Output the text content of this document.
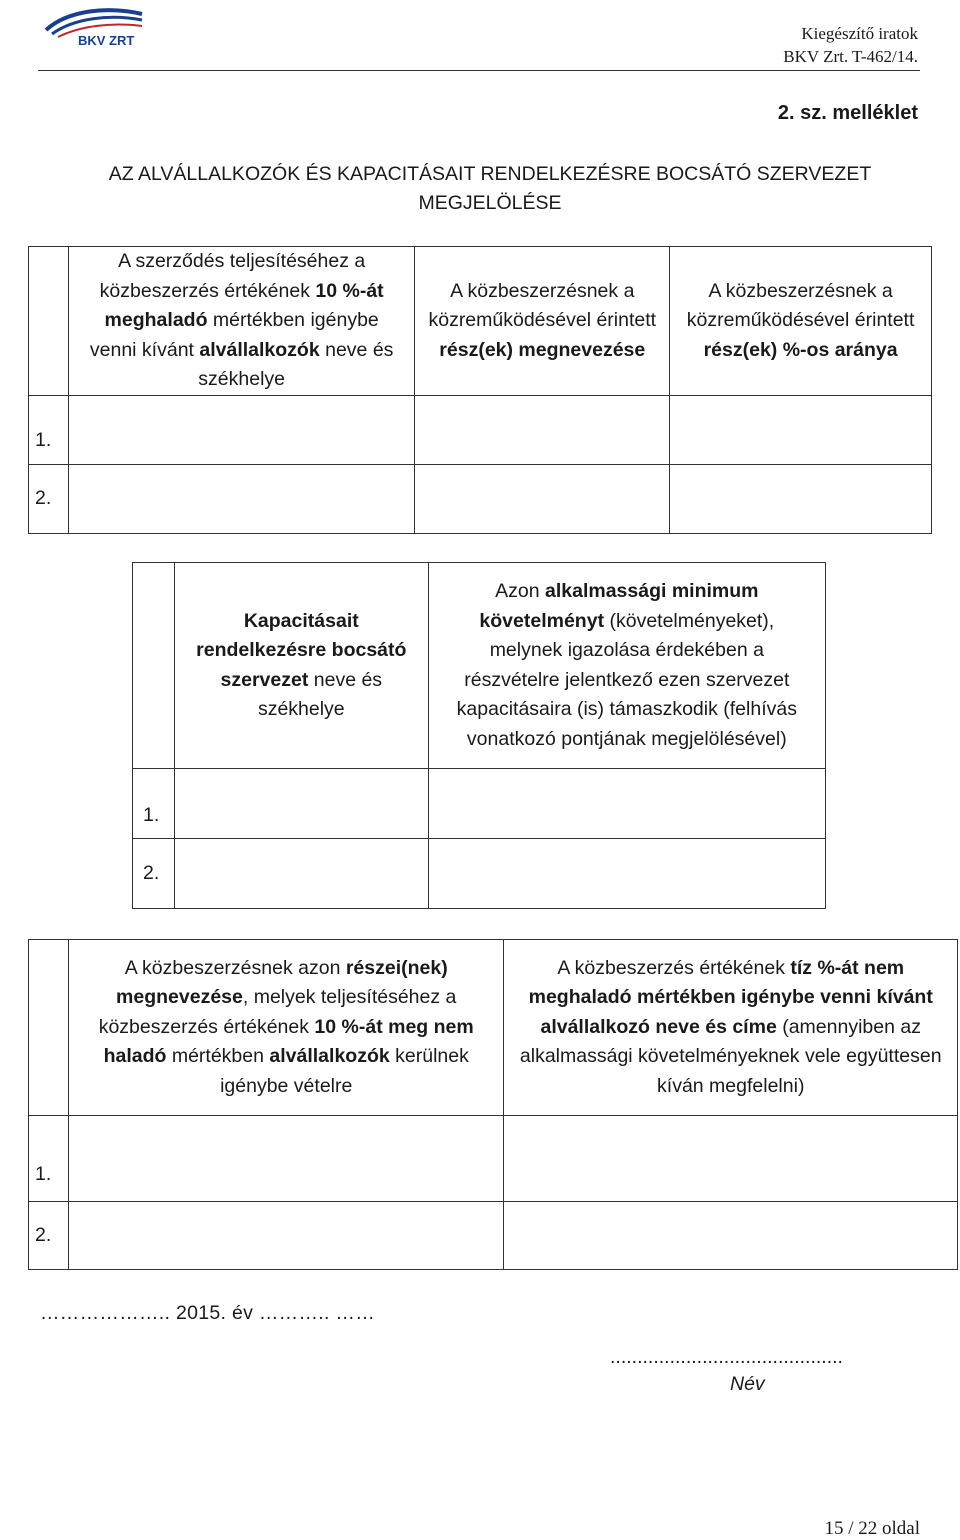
BKV ZRT	Kiegészítő iratok
BKV Zrt. T-462/14.
2. sz. melléklet
AZ ALVÁLLALKOZÓK ÉS KAPACITÁSAIT RENDELKEZÉSRE BOCSÁTÓ SZERVEZET
MEGJELÖLÉSE
	A szerződés teljesítéséhez a közbeszerzés értékének 10 %-át meghaladó mértékben igénybe venni kívánt alvállalkozók neve és székhelye	A közbeszerzésnek a közreműködésével érintett rész(ek) megnevezése	A közbeszerzésnek a közreműködésével érintett rész(ek) %-os aránya
1.			
2.			
	Kapacitásait rendelkezésre bocsátó szervezet neve és székhelye	Azon alkalmassági minimum követelményt (követelményeket), melynek igazolása érdekében a részvételre jelentkező ezen szervezet kapacitásaira (is) támaszkodik (felhívás vonatkozó pontjának megjelölésével)
1.		
2.		
	A közbeszerzésnek azon részei(nek) megnevezése, melyek teljesítéséhez a közbeszerzés értékének 10 %-át meg nem haladó mértékben alvállalkozók kerülnek igénybe vételre	A közbeszerzés értékének tíz %-át nem meghaladó mértékben igénybe venni kívánt alvállalkozó neve és címe (amennyiben az alkalmassági követelményeknek vele együttesen kíván megfelelni)
1.		
2.		
……………….. 2015. év ……….. ……
...........................................
Név
15 / 22 oldal
